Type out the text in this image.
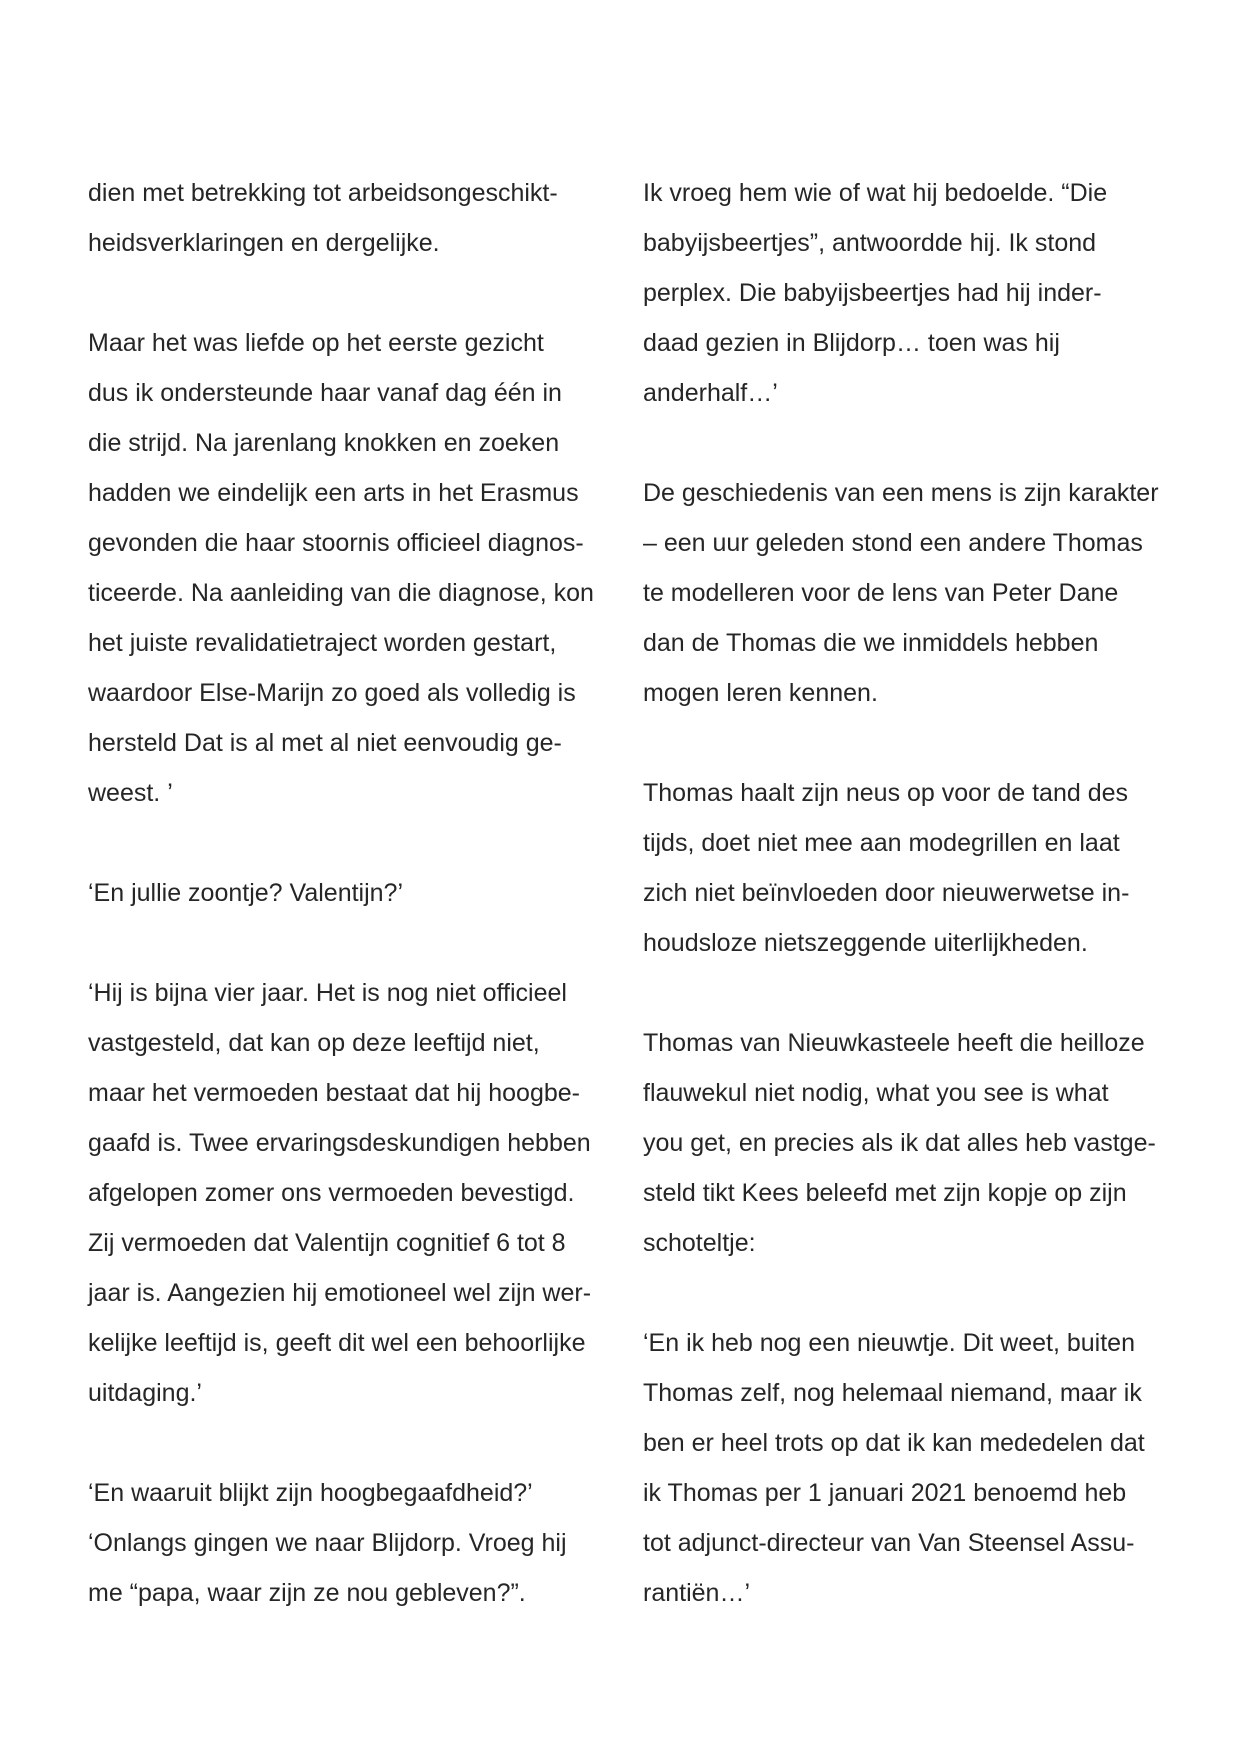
dien met betrekking tot arbeidsongeschikt-
heidsverklaringen en dergelijke.
Maar het was liefde op het eerste gezicht
dus ik ondersteunde haar vanaf dag één in
die strijd. Na jarenlang knokken en zoeken
hadden we eindelijk een arts in het Erasmus
gevonden die haar stoornis officieel diagnos-
ticeerde. Na aanleiding van die diagnose, kon
het juiste revalidatietraject worden gestart,
waardoor Else-Marijn zo goed als volledig is
hersteld Dat is al met al niet eenvoudig ge-
weest. ’
‘En jullie zoontje? Valentijn?’
‘Hij is bijna vier jaar. Het is nog niet officieel
vastgesteld, dat kan op deze leeftijd niet,
maar het vermoeden bestaat dat hij hoogbe-
gaafd is. Twee ervaringsdeskundigen hebben
afgelopen zomer ons vermoeden bevestigd.
Zij vermoeden dat Valentijn cognitief 6 tot 8
jaar is. Aangezien hij emotioneel wel zijn wer-
kelijke leeftijd is, geeft dit wel een behoorlijke
uitdaging.’
‘En waaruit blijkt zijn hoogbegaafdheid?’
‘Onlangs gingen we naar Blijdorp. Vroeg hij
me “papa, waar zijn ze nou gebleven?”.
Ik vroeg hem wie of wat hij bedoelde. “Die
babyijsbeertjes”, antwoordde hij. Ik stond
perplex. Die babyijsbeertjes had hij inder-
daad gezien in Blijdorp… toen was hij
anderhalf…’
De geschiedenis van een mens is zijn karakter
– een uur geleden stond een andere Thomas
te modelleren voor de lens van Peter Dane
dan de Thomas die we inmiddels hebben
mogen leren kennen.
Thomas haalt zijn neus op voor de tand des
tijds, doet niet mee aan modegrillen en laat
zich niet beïnvloeden door nieuwerwetse in-
houdsloze nietszeggende uiterlijkheden.
Thomas van Nieuwkasteele heeft die heilloze
flauwekul niet nodig, what you see is what
you get, en precies als ik dat alles heb vastge-
steld tikt Kees beleefd met zijn kopje op zijn
schoteltje:
‘En ik heb nog een nieuwtje. Dit weet, buiten
Thomas zelf, nog helemaal niemand, maar ik
ben er heel trots op dat ik kan mededelen dat
ik Thomas per 1 januari 2021 benoemd heb
tot adjunct-directeur van Van Steensel Assu-
rantiën…’
